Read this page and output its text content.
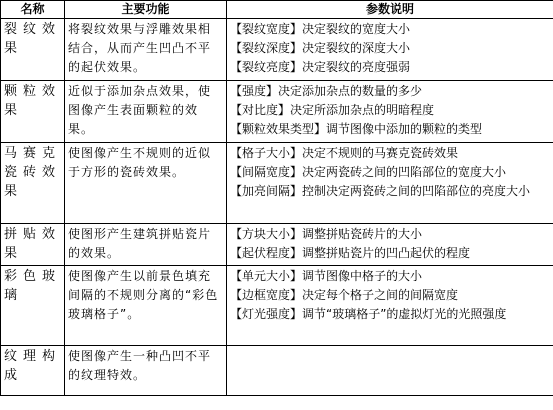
名称	主要功能	参数说明
裂纹效果	将裂纹效果与浮雕效果相结合，从而产生凹凸不平的起伏效果。	【裂纹宽度】决定裂纹的宽度大小
【裂纹深度】决定裂纹的深度大小
【裂纹亮度】决定裂纹的亮度强弱

颗粒效果	近似于添加杂点效果，使图像产生表面颗粒的效果。	【强度】决定添加杂点的数量的多少
【对比度】决定所添加杂点的明暗程度
【颗粒效果类型】调节图像中添加的颗粒的类型

马赛克瓷砖效果	使图像产生不规则的近似于方形的瓷砖效果。	【格子大小】决定不规则的马赛克瓷砖效果
【间隔宽度】决定两瓷砖之间的凹陷部位的宽度大小
【加亮间隔】控制决定两瓷砖之间的凹陷部位的亮度大小

拼贴效果	使图形产生建筑拼贴瓷片的效果。	【方块大小】调整拼贴瓷砖片的大小
【起伏程度】调整拼贴瓷片的凹凸起伏的程度

彩色玻璃	使图像产生以前景色填充间隔的不规则分离的“彩色玻璃格子”。	【单元大小】调节图像中格子的大小
【边框宽度】决定每个格子之间的间隔宽度
【灯光强度】调节“玻璃格子”的虚拟灯光的光照强度

纹理构成	使图像产生一种凸凹不平的纹理特效。	
